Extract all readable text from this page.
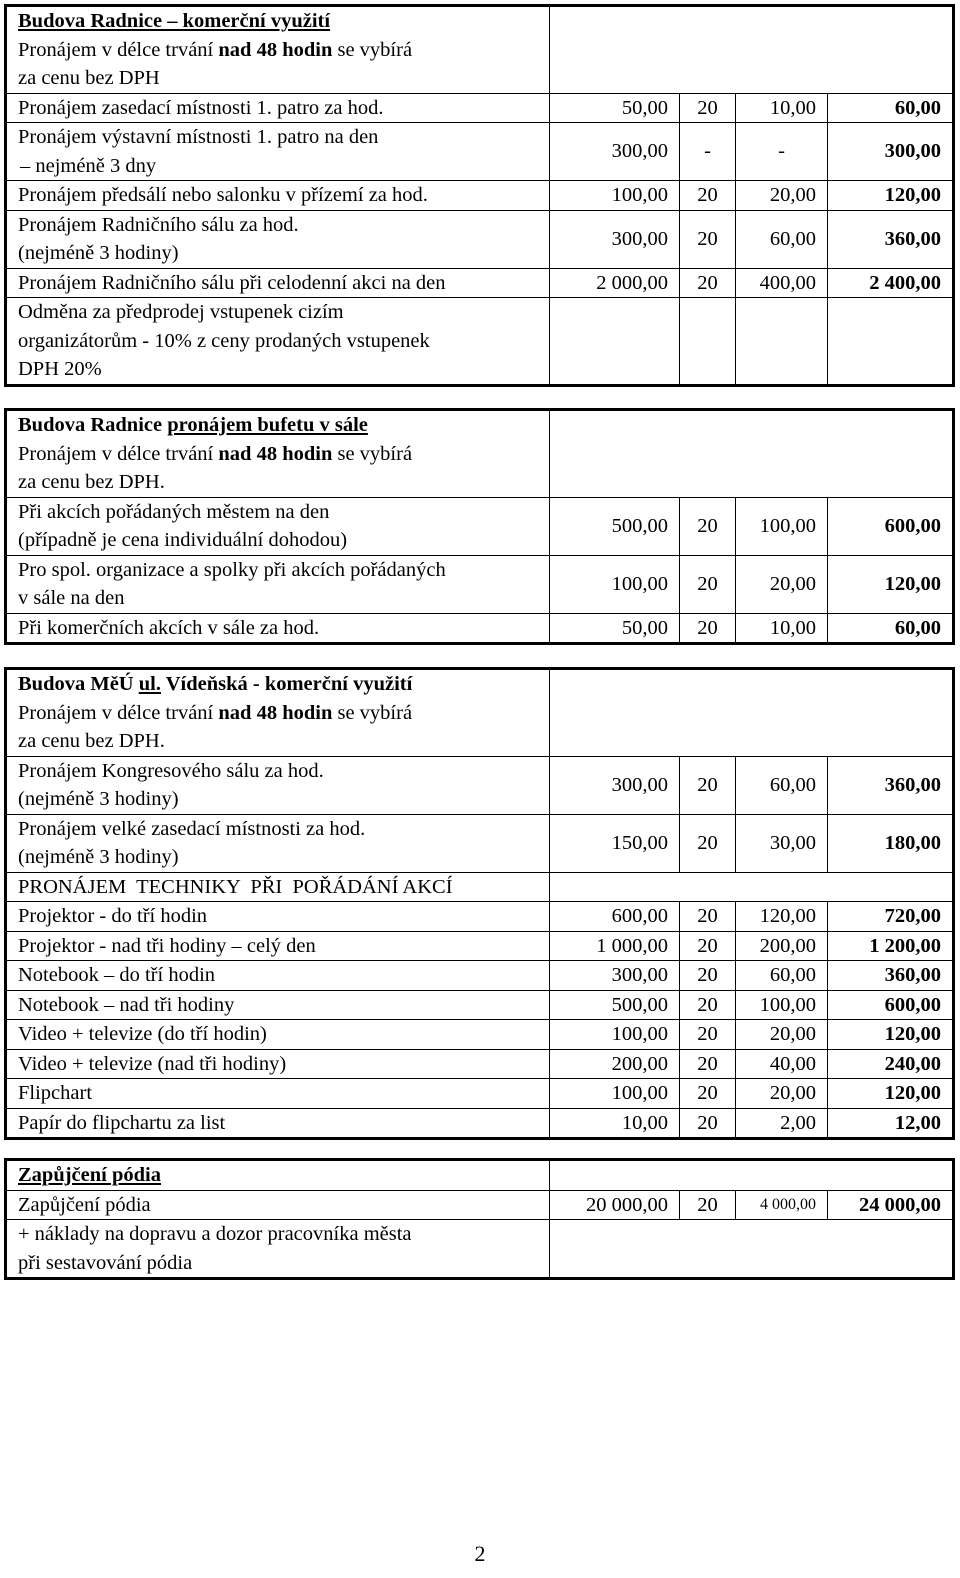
Budova Radnice – komerční využití
Pronájem v délce trvání nad 48 hodin se vybírá
za cenu bez DPH				

Pronájem zasedací místnosti 1. patro za hod.	50,00	20	10,00	60,00

Pronájem výstavní místnosti 1. patro na den
– nejméně 3 dny	300,00	-	-	300,00
Pronájem předsálí nebo salonku v přízemí za hod.	100,00	20	20,00	120,00

Pronájem Radničního sálu za hod.
(nejméně 3 hodiny)	300,00	20	60,00	360,00
Pronájem Radničního sálu při celodenní akci na den	2 000,00	20	400,00	2 400,00

Odměna za předprodej vstupenek cizím
organizátorům - 10% z ceny prodaných vstupenek
DPH 20%				

Budova Radnice pronájem bufetu v sále
Pronájem v délce trvání nad 48 hodin se vybírá
za cenu bez DPH.				

Při akcích pořádaných městem na den
(případně je cena individuální dohodou)	500,00	20	100,00	600,00

Pro spol. organizace a spolky při akcích pořádaných
v sále na den	100,00	20	20,00	120,00
Při komerčních akcích v sále za hod.	50,00	20	10,00	60,00
Budova MěÚ ul. Vídeňská - komerční využití
Pronájem v délce trvání nad 48 hodin se vybírá
za cenu bez DPH.				

Pronájem Kongresového sálu za hod.
(nejméně 3 hodiny)	300,00	20	60,00	360,00

Pronájem velké zasedací místnosti za hod.
(nejméně 3 hodiny)	150,00	20	30,00	180,00
PRONÁJEM  TECHNIKY  PŘI  POŘÁDÁNÍ AKCÍ				
Projektor - do tří hodin	600,00	20	120,00	720,00
Projektor - nad tři hodiny – celý den	1 000,00	20	200,00	1 200,00
Notebook – do tří hodin	300,00	20	60,00	360,00
Notebook – nad tři hodiny	500,00	20	100,00	600,00
Video + televize (do tří hodin)	100,00	20	20,00	120,00
Video + televize (nad tři hodiny)	200,00	20	40,00	240,00
Flipchart	100,00	20	20,00	120,00
Papír do flipchartu za list	10,00	20	2,00	12,00
Zapůjčení pódia				

Zapůjčení pódia	20 000,00	20	4 000,00	24 000,00

+ náklady na dopravu a dozor pracovníka města
při sestavování pódia				

2
